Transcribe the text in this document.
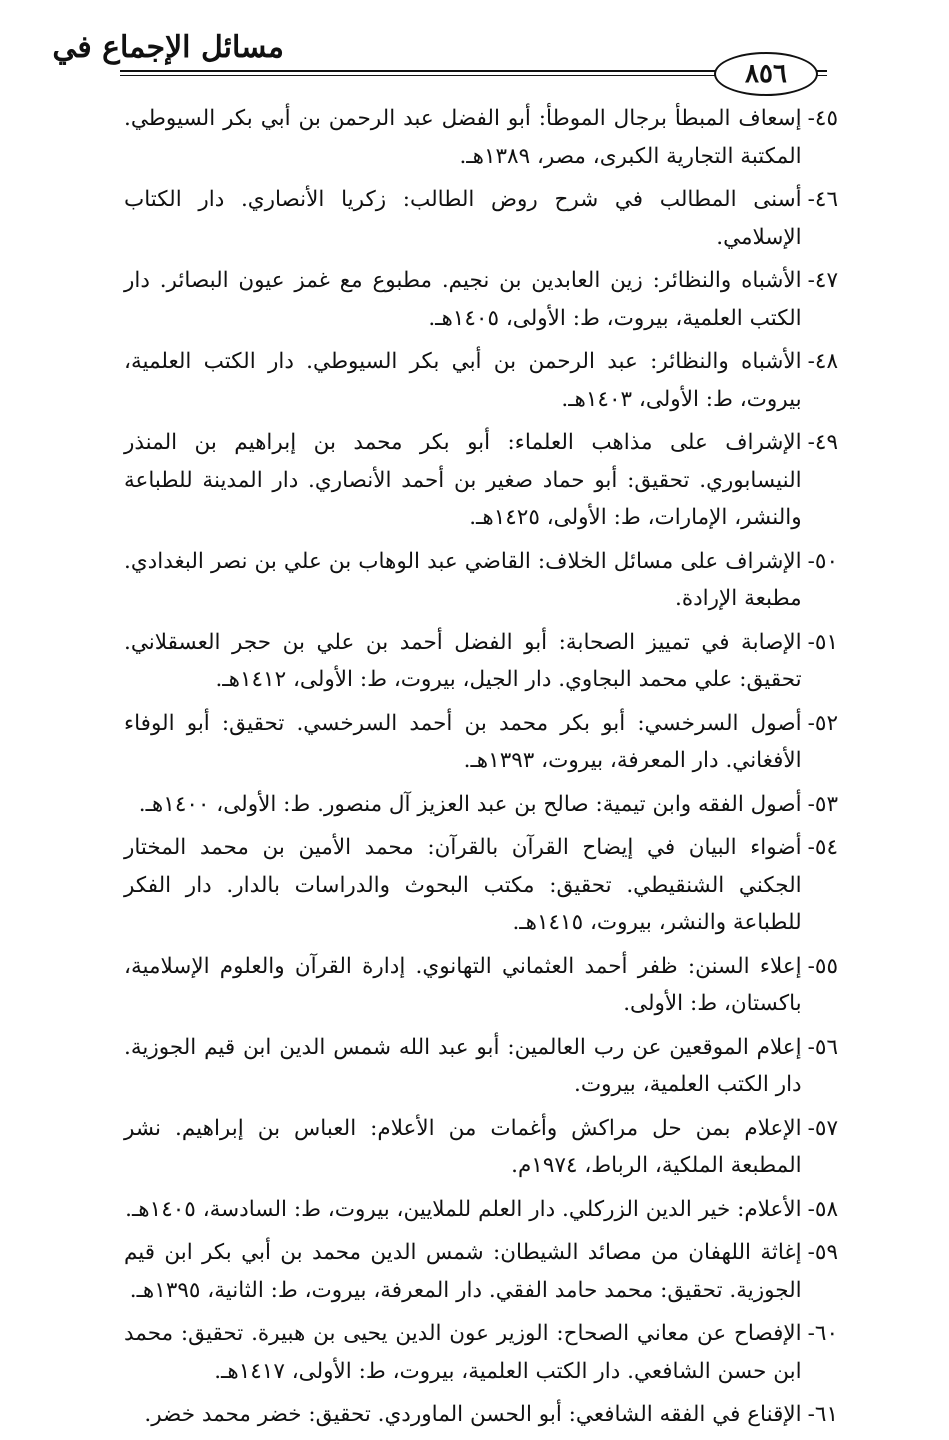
مسائل الإجماع في
٨٥٦
٤٥-
إسعاف المبطأ برجال الموطأ: أبو الفضل عبد الرحمن بن أبي بكر السيوطي. المكتبة التجارية الكبرى، مصر، ١٣٨٩هـ.
٤٦-
أسنى المطالب في شرح روض الطالب: زكريا الأنصاري. دار الكتاب الإسلامي.
٤٧-
الأشباه والنظائر: زين العابدين بن نجيم. مطبوع مع غمز عيون البصائر. دار الكتب العلمية، بيروت، ط: الأولى، ١٤٠٥هـ.
٤٨-
الأشباه والنظائر: عبد الرحمن بن أبي بكر السيوطي. دار الكتب العلمية، بيروت، ط: الأولى، ١٤٠٣هـ.
٤٩-
الإشراف على مذاهب العلماء: أبو بكر محمد بن إبراهيم بن المنذر النيسابوري. تحقيق: أبو حماد صغير بن أحمد الأنصاري. دار المدينة للطباعة والنشر، الإمارات، ط: الأولى، ١٤٢٥هـ.
٥٠-
الإشراف على مسائل الخلاف: القاضي عبد الوهاب بن علي بن نصر البغدادي. مطبعة الإرادة.
٥١-
الإصابة في تمييز الصحابة: أبو الفضل أحمد بن علي بن حجر العسقلاني. تحقيق: علي محمد البجاوي. دار الجيل، بيروت، ط: الأولى، ١٤١٢هـ.
٥٢-
أصول السرخسي: أبو بكر محمد بن أحمد السرخسي. تحقيق: أبو الوفاء الأفغاني. دار المعرفة، بيروت، ١٣٩٣هـ.
٥٣-
أصول الفقه وابن تيمية: صالح بن عبد العزيز آل منصور. ط: الأولى، ١٤٠٠هـ.
٥٤-
أضواء البيان في إيضاح القرآن بالقرآن: محمد الأمين بن محمد المختار الجكني الشنقيطي. تحقيق: مكتب البحوث والدراسات بالدار. دار الفكر للطباعة والنشر، بيروت، ١٤١٥هـ.
٥٥-
إعلاء السنن: ظفر أحمد العثماني التهانوي. إدارة القرآن والعلوم الإسلامية، باكستان، ط: الأولى.
٥٦-
إعلام الموقعين عن رب العالمين: أبو عبد الله شمس الدين ابن قيم الجوزية. دار الكتب العلمية، بيروت.
٥٧-
الإعلام بمن حل مراكش وأغمات من الأعلام: العباس بن إبراهيم. نشر المطبعة الملكية، الرباط، ١٩٧٤م.
٥٨-
الأعلام: خير الدين الزركلي. دار العلم للملايين، بيروت، ط: السادسة، ١٤٠٥هـ.
٥٩-
إغاثة اللهفان من مصائد الشيطان: شمس الدين محمد بن أبي بكر ابن قيم الجوزية. تحقيق: محمد حامد الفقي. دار المعرفة، بيروت، ط: الثانية، ١٣٩٥هـ.
٦٠-
الإفصاح عن معاني الصحاح: الوزير عون الدين يحيى بن هبيرة. تحقيق: محمد ابن حسن الشافعي. دار الكتب العلمية، بيروت، ط: الأولى، ١٤١٧هـ.
٦١-
الإقناع في الفقه الشافعي: أبو الحسن الماوردي. تحقيق: خضر محمد خضر.
